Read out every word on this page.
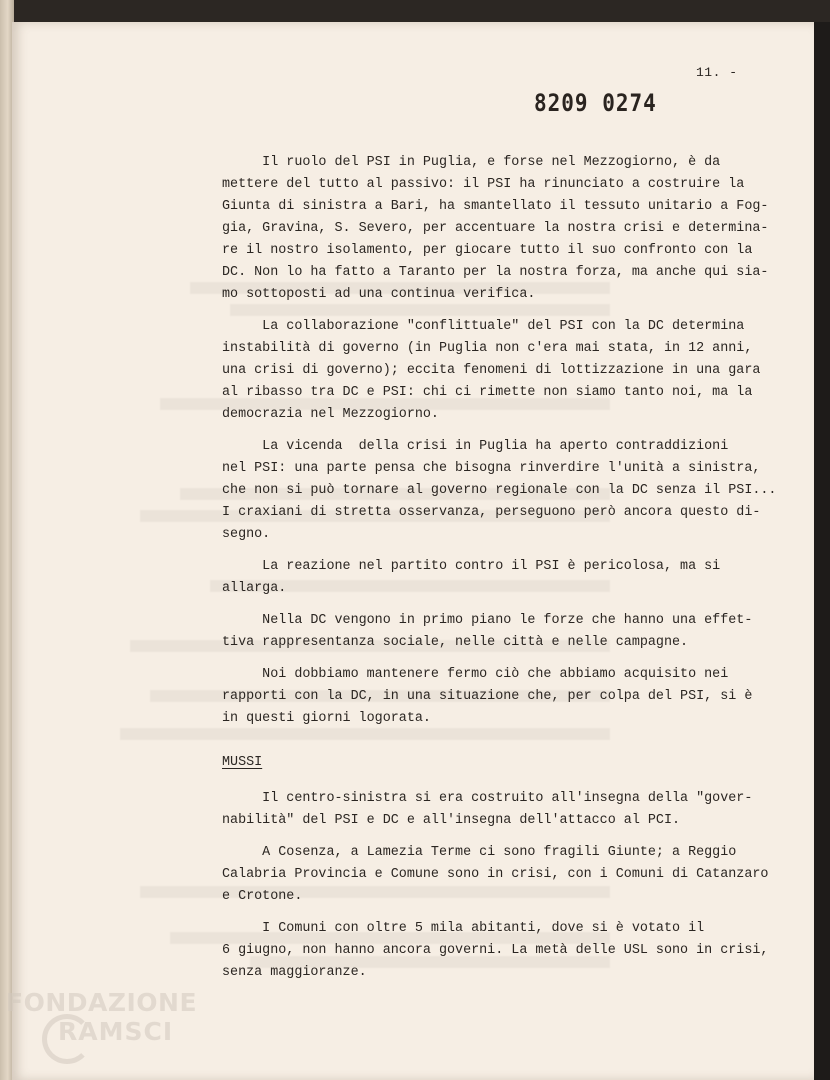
11. -
8209 0274

Il ruolo del PSI in Puglia, e forse nel Mezzogiorno, è da
mettere del tutto al passivo: il PSI ha rinunciato a costruire la
Giunta di sinistra a Bari, ha smantellato il tessuto unitario a Fog-
gia, Gravina, S. Severo, per accentuare la nostra crisi e determina-
re il nostro isolamento, per giocare tutto il suo confronto con la
DC. Non lo ha fatto a Taranto per la nostra forza, ma anche qui sia-
mo sottoposti ad una continua verifica.

La collaborazione "conflittuale" del PSI con la DC determina
instabilità di governo (in Puglia non c'era mai stata, in 12 anni,
una crisi di governo); eccita fenomeni di lottizzazione in una gara
al ribasso tra DC e PSI: chi ci rimette non siamo tanto noi, ma la
democrazia nel Mezzogiorno.

La vicenda  della crisi in Puglia ha aperto contraddizioni
nel PSI: una parte pensa che bisogna rinverdire l'unità a sinistra,
che non si può tornare al governo regionale con la DC senza il PSI...
I craxiani di stretta osservanza, perseguono però ancora questo di-
segno.

La reazione nel partito contro il PSI è pericolosa, ma si
allarga.

Nella DC vengono in primo piano le forze che hanno una effet-
tiva rappresentanza sociale, nelle città e nelle campagne.

Noi dobbiamo mantenere fermo ciò che abbiamo acquisito nei
rapporti con la DC, in una situazione che, per colpa del PSI, si è
in questi giorni logorata.

MUSSI

Il centro-sinistra si era costruito all'insegna della "gover-
nabilità" del PSI e DC e all'insegna dell'attacco al PCI.

A Cosenza, a Lamezia Terme ci sono fragili Giunte; a Reggio
Calabria Provincia e Comune sono in crisi, con i Comuni di Catanzaro
e Crotone.

I Comuni con oltre 5 mila abitanti, dove si è votato il
6 giugno, non hanno ancora governi. La metà delle USL sono in crisi,
senza maggioranze.

FONDAZIONE
RAMSCI
